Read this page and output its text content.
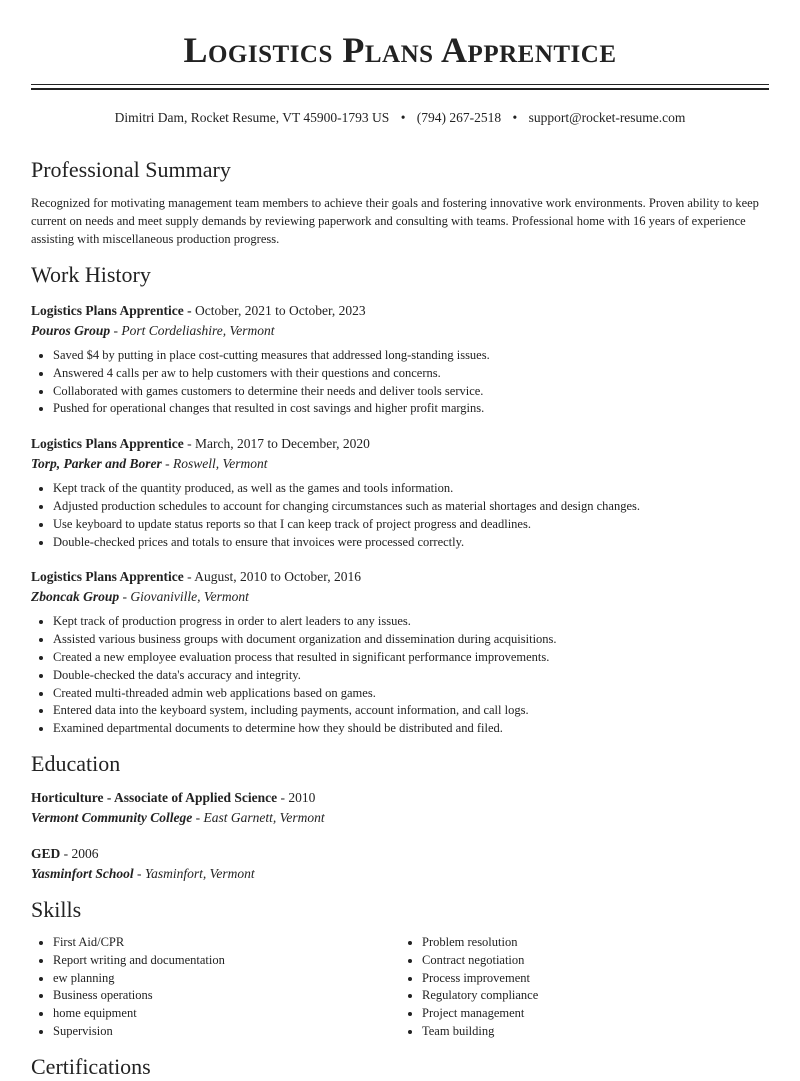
Logistics Plans Apprentice
Dimitri Dam, Rocket Resume, VT 45900-1793 US • (794) 267-2518 • support@rocket-resume.com
Professional Summary

Recognized for motivating management team members to achieve their goals and fostering innovative work environments. Proven ability to keep current on needs and meet supply demands by reviewing paperwork and consulting with teams. Professional home with 16 years of experience assisting with miscellaneous production progress.

Work History
Logistics Plans Apprentice - October, 2021 to October, 2023
Pouros Group - Port Cordeliashire, Vermont
• Saved $4 by putting in place cost-cutting measures that addressed long-standing issues.
• Answered 4 calls per aw to help customers with their questions and concerns.
• Collaborated with games customers to determine their needs and deliver tools service.
• Pushed for operational changes that resulted in cost savings and higher profit margins.
Logistics Plans Apprentice - March, 2017 to December, 2020
Torp, Parker and Borer - Roswell, Vermont
• Kept track of the quantity produced, as well as the games and tools information.
• Adjusted production schedules to account for changing circumstances such as material shortages and design changes.
• Use keyboard to update status reports so that I can keep track of project progress and deadlines.
• Double-checked prices and totals to ensure that invoices were processed correctly.
Logistics Plans Apprentice - August, 2010 to October, 2016
Zboncak Group - Giovaniville, Vermont
• Kept track of production progress in order to alert leaders to any issues.
• Assisted various business groups with document organization and dissemination during acquisitions.
• Created a new employee evaluation process that resulted in significant performance improvements.
• Double-checked the data's accuracy and integrity.
• Created multi-threaded admin web applications based on games.
• Entered data into the keyboard system, including payments, account information, and call logs.
• Examined departmental documents to determine how they should be distributed and filed.
Education
Horticulture - Associate of Applied Science - 2010
Vermont Community College - East Garnett, Vermont
GED - 2006
Yasminfort School - Yasminfort, Vermont
Skills
• First Aid/CPR
• Report writing and documentation
• ew planning
• Business operations
• home equipment
• Supervision
• Problem resolution
• Contract negotiation
• Process improvement
• Regulatory compliance
• Project management
• Team building
Certifications
